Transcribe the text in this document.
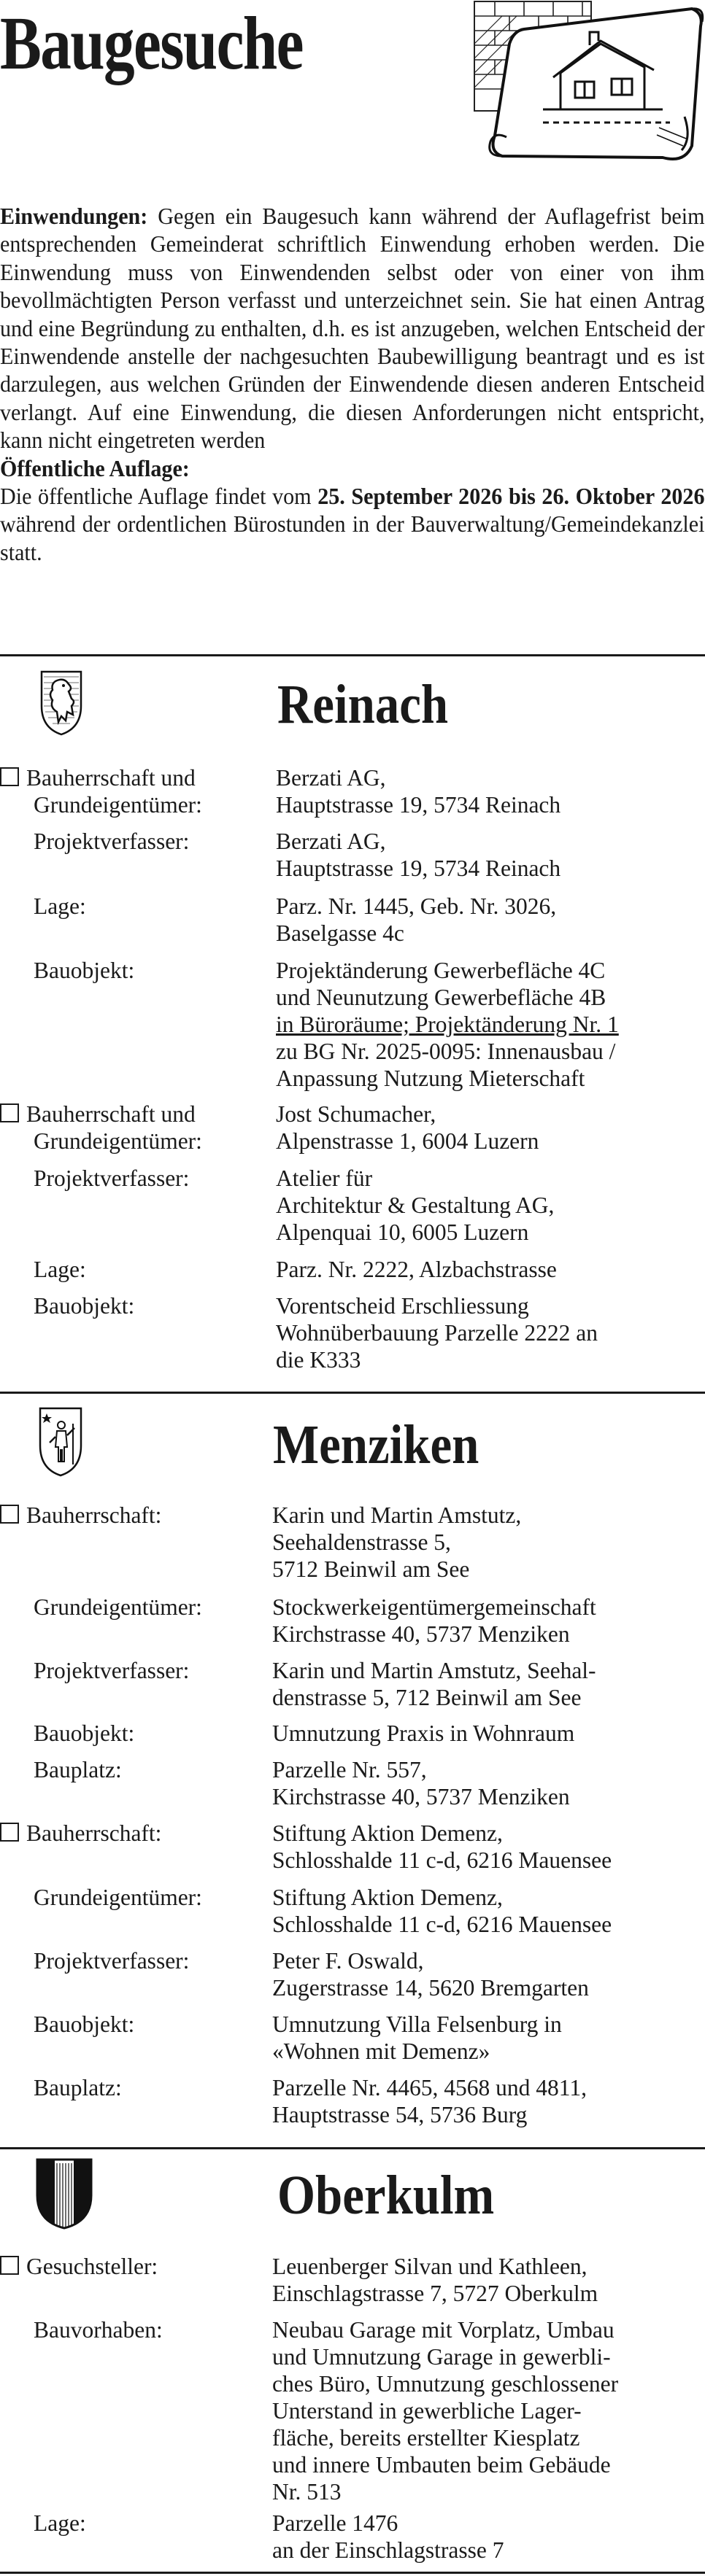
Baugesuche

Einwendungen: Gegen ein Baugesuch kann während der Auflagefrist beim entsprechenden Gemeinderat schriftlich Einwendung erhoben werden. Die Einwendung muss von Einwendenden selbst oder von einer von ihm bevollmächtigten Person verfasst und unterzeichnet sein. Sie hat einen Antrag und eine Begründung zu enthalten, d.h. es ist anzugeben, welchen Entscheid der Einwendende anstelle der nachgesuchten Baubewilligung beantragt und es ist darzulegen, aus welchen Gründen der Einwendende diesen anderen Entscheid verlangt. Auf eine Einwendung, die diesen Anforderungen nicht entspricht, kann nicht eingetreten werden

Öffentliche Auflage:

Die öffentliche Auflage findet vom 25. September 2026 bis 26. Oktober 2026 während der ordentlichen Bürostunden in der Bauverwaltung/Gemeindekanzlei statt.

Reinach
Bauherrschaft und	Berzati AG,
Grundeigentümer:	Hauptstrasse 19, 5734 Reinach
Projektverfasser:	Berzati AG,
Hauptstrasse 19, 5734 Reinach
Lage:	Parz. Nr. 1445, Geb. Nr. 3026,
Baselgasse 4c
Bauobjekt:	Projektänderung Gewerbefläche 4C
und Neunutzung Gewerbefläche 4B
in Büroräume; Projektänderung Nr. 1
zu BG Nr. 2025-0095: Innenausbau /
Anpassung Nutzung Mieterschaft
Bauherrschaft und	Jost Schumacher,
Grundeigentümer:	Alpenstrasse 1, 6004 Luzern
Projektverfasser:	Atelier für
Architektur & Gestaltung AG,
Alpenquai 10, 6005 Luzern
Lage:	Parz. Nr. 2222, Alzbachstrasse
Bauobjekt:	Vorentscheid Erschliessung
Wohnüberbauung Parzelle 2222 an
die K333
Menziken
Bauherrschaft:	Karin und Martin Amstutz,
Seehaldenstrasse 5,
5712 Beinwil am See
Grundeigentümer:	Stockwerkeigentümergemeinschaft
Kirchstrasse 40, 5737 Menziken
Projektverfasser:	Karin und Martin Amstutz, Seehal-
denstrasse 5, 712 Beinwil am See
Bauobjekt:	Umnutzung Praxis in Wohnraum
Bauplatz:	Parzelle Nr. 557,
Kirchstrasse 40, 5737 Menziken
Bauherrschaft:	Stiftung Aktion Demenz,
Schlosshalde 11 c-d, 6216 Mauensee
Grundeigentümer:	Stiftung Aktion Demenz,
Schlosshalde 11 c-d, 6216 Mauensee
Projektverfasser:	Peter F. Oswald,
Zugerstrasse 14, 5620 Bremgarten
Bauobjekt:	Umnutzung Villa Felsenburg in
«Wohnen mit Demenz»
Bauplatz:	Parzelle Nr. 4465, 4568 und 4811,
Hauptstrasse 54, 5736 Burg
Oberkulm
Gesuchsteller:	Leuenberger Silvan und Kathleen,
Einschlagstrasse 7, 5727 Oberkulm
Bauvorhaben:	Neubau Garage mit Vorplatz, Umbau
und Umnutzung Garage in gewerbli-
ches Büro, Umnutzung geschlossener
Unterstand in gewerbliche Lager-
fläche, bereits erstellter Kiesplatz
und innere Umbauten beim Gebäude
Nr. 513
Lage:	Parzelle 1476
an der Einschlagstrasse 7
